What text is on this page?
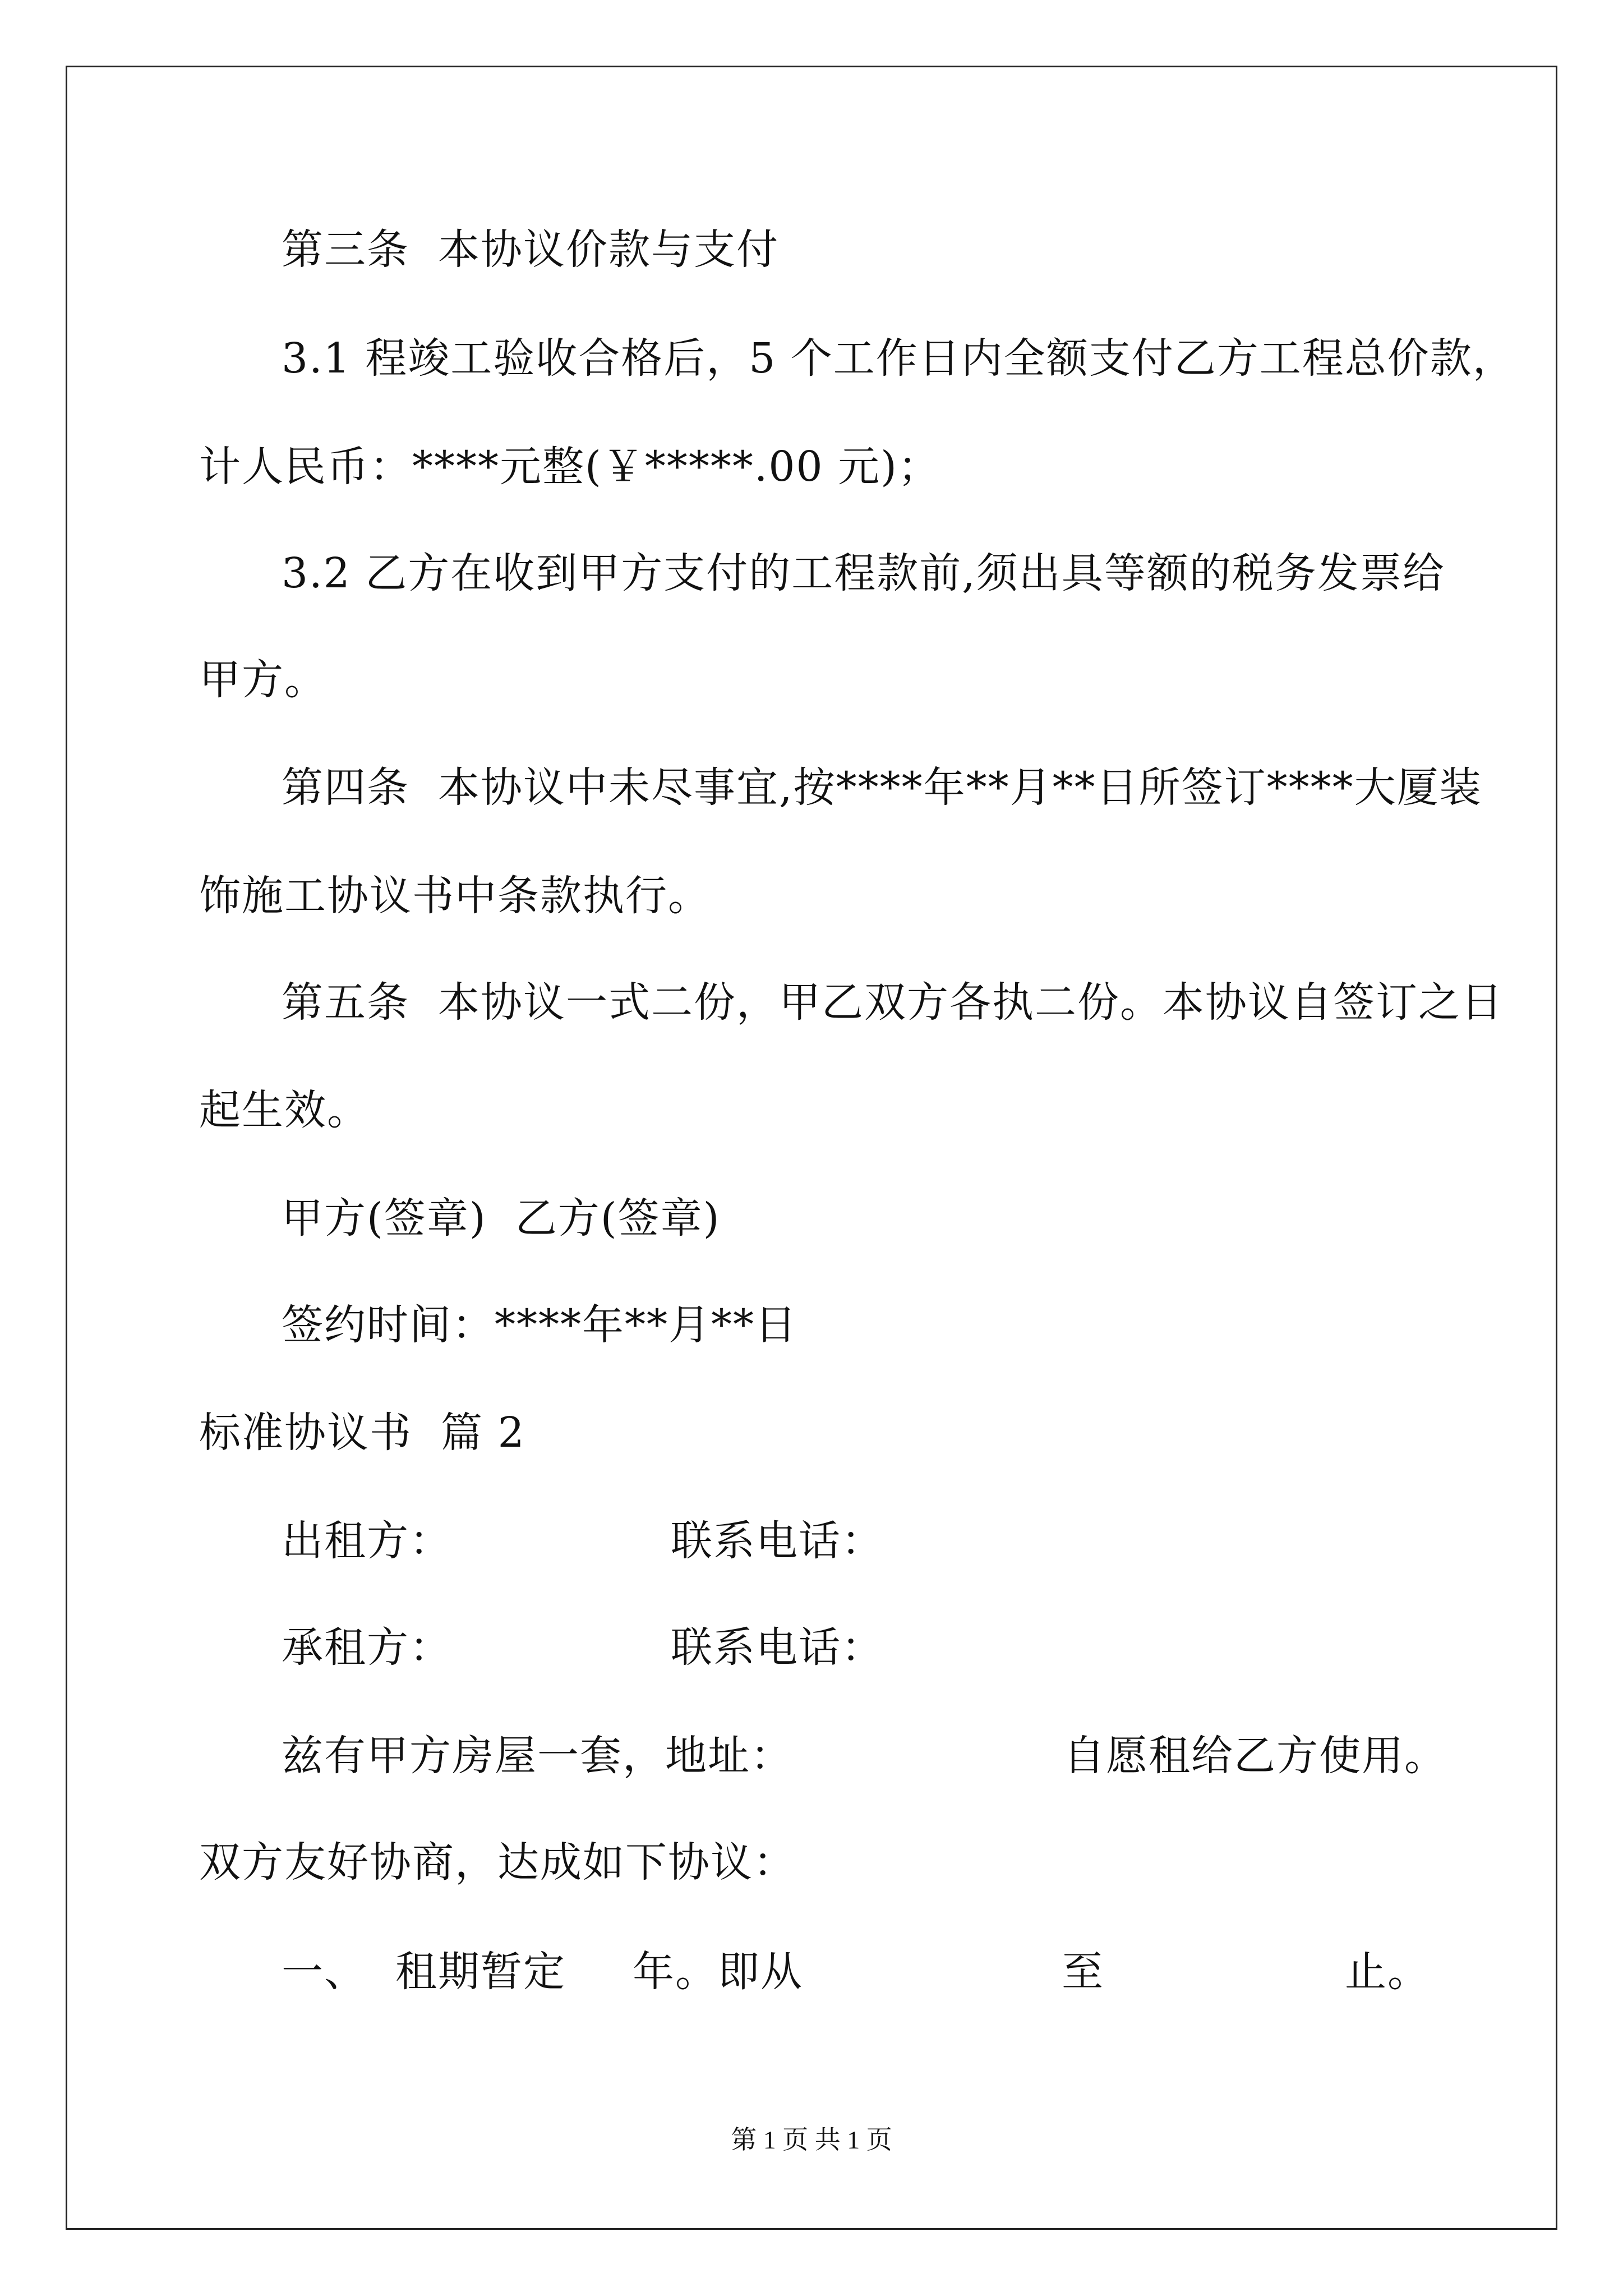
第三条  本协议价款与支付
3.1 程竣工验收合格后，5 个工作日内全额支付乙方工程总价款，
计人民币：****元整(￥*****.00 元)；
3.2 乙方在收到甲方支付的工程款前,须出具等额的税务发票给
甲方。
第四条  本协议中未尽事宜,按****年**月**日所签订****大厦装
饰施工协议书中条款执行。
第五条  本协议一式二份，甲乙双方各执二份。本协议自签订之日
起生效。
甲方(签章)  乙方(签章)
签约时间：****年**月**日
标准协议书  篇 2
出租方：	联系电话：
承租方：	联系电话：
兹有甲方房屋一套，地址：	自愿租给乙方使用。
双方友好协商，达成如下协议：
一、  租期暂定 年。即从	至	止。
第 1 页 共 1 页
